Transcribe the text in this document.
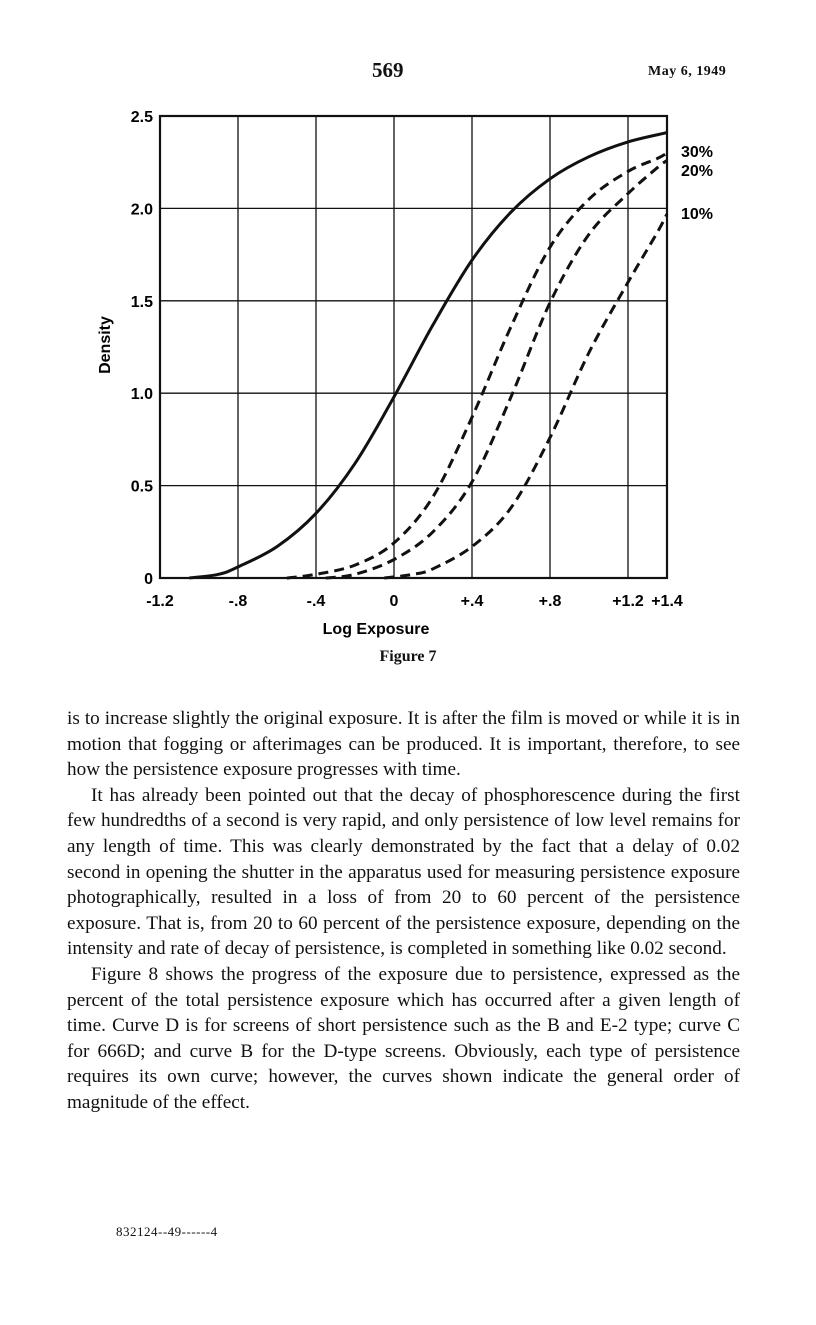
569	May 6, 1949
0
0.5
1.0
1.5
2.0
2.5
-1.2	-.8	-.4	0	+.4	+.8	+1.2 +1.4
30%
20%
10%
Log Exposure
Density
Figure 7

is to increase slightly the original exposure. It is after the film is moved or while it is in motion that fogging or afterimages can be produced. It is important, therefore, to see how the persistence exposure progresses with time.

It has already been pointed out that the decay of phosphorescence during the first few hundredths of a second is very rapid, and only persistence of low level remains for any length of time. This was clearly demonstrated by the fact that a delay of 0.02 second in opening the shutter in the apparatus used for measuring persistence exposure photographically, resulted in a loss of from 20 to 60 percent of the persistence exposure. That is, from 20 to 60 percent of the persistence exposure, depending on the intensity and rate of decay of persistence, is completed in something like 0.02 second.

Figure 8 shows the progress of the exposure due to persistence, expressed as the percent of the total persistence exposure which has occurred after a given length of time. Curve D is for screens of short persistence such as the B and E-2 type; curve C for 666D; and curve B for the D-type screens. Obviously, each type of persistence requires its own curve; however, the curves shown indicate the general order of magnitude of the effect.

832124--49------4
